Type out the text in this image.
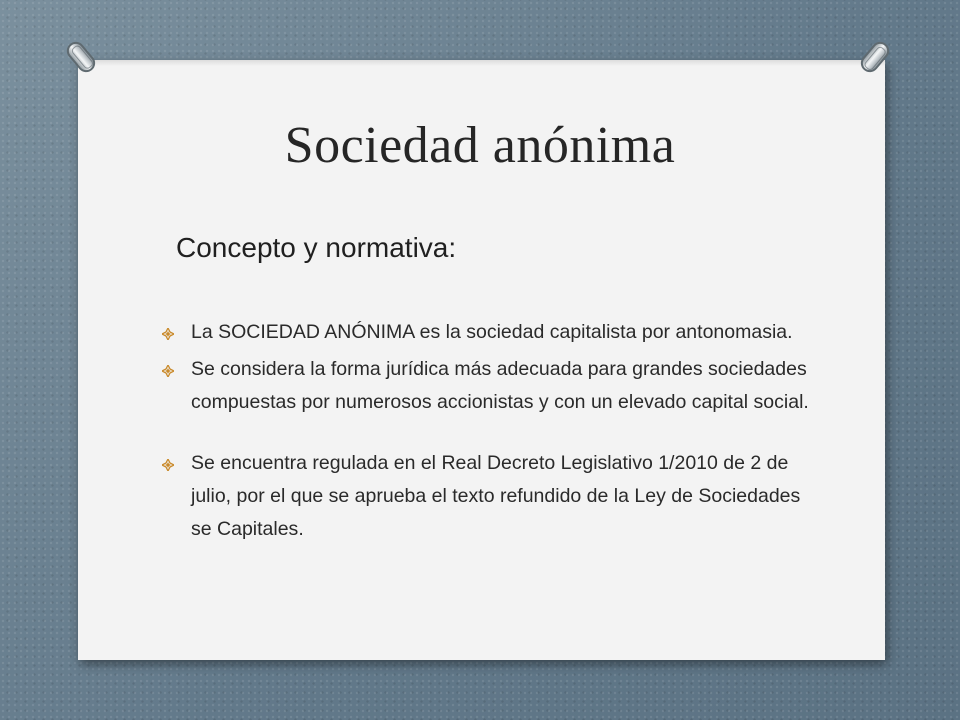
Sociedad anónima
Concepto y normativa:
La SOCIEDAD ANÓNIMA es la sociedad capitalista por antonomasia.
Se considera la forma jurídica más adecuada para grandes sociedades compuestas por numerosos accionistas y con un elevado capital social.
Se encuentra regulada en el Real Decreto Legislativo 1/2010 de 2 de julio, por el que se aprueba el texto refundido de la Ley de Sociedades se Capitales.
